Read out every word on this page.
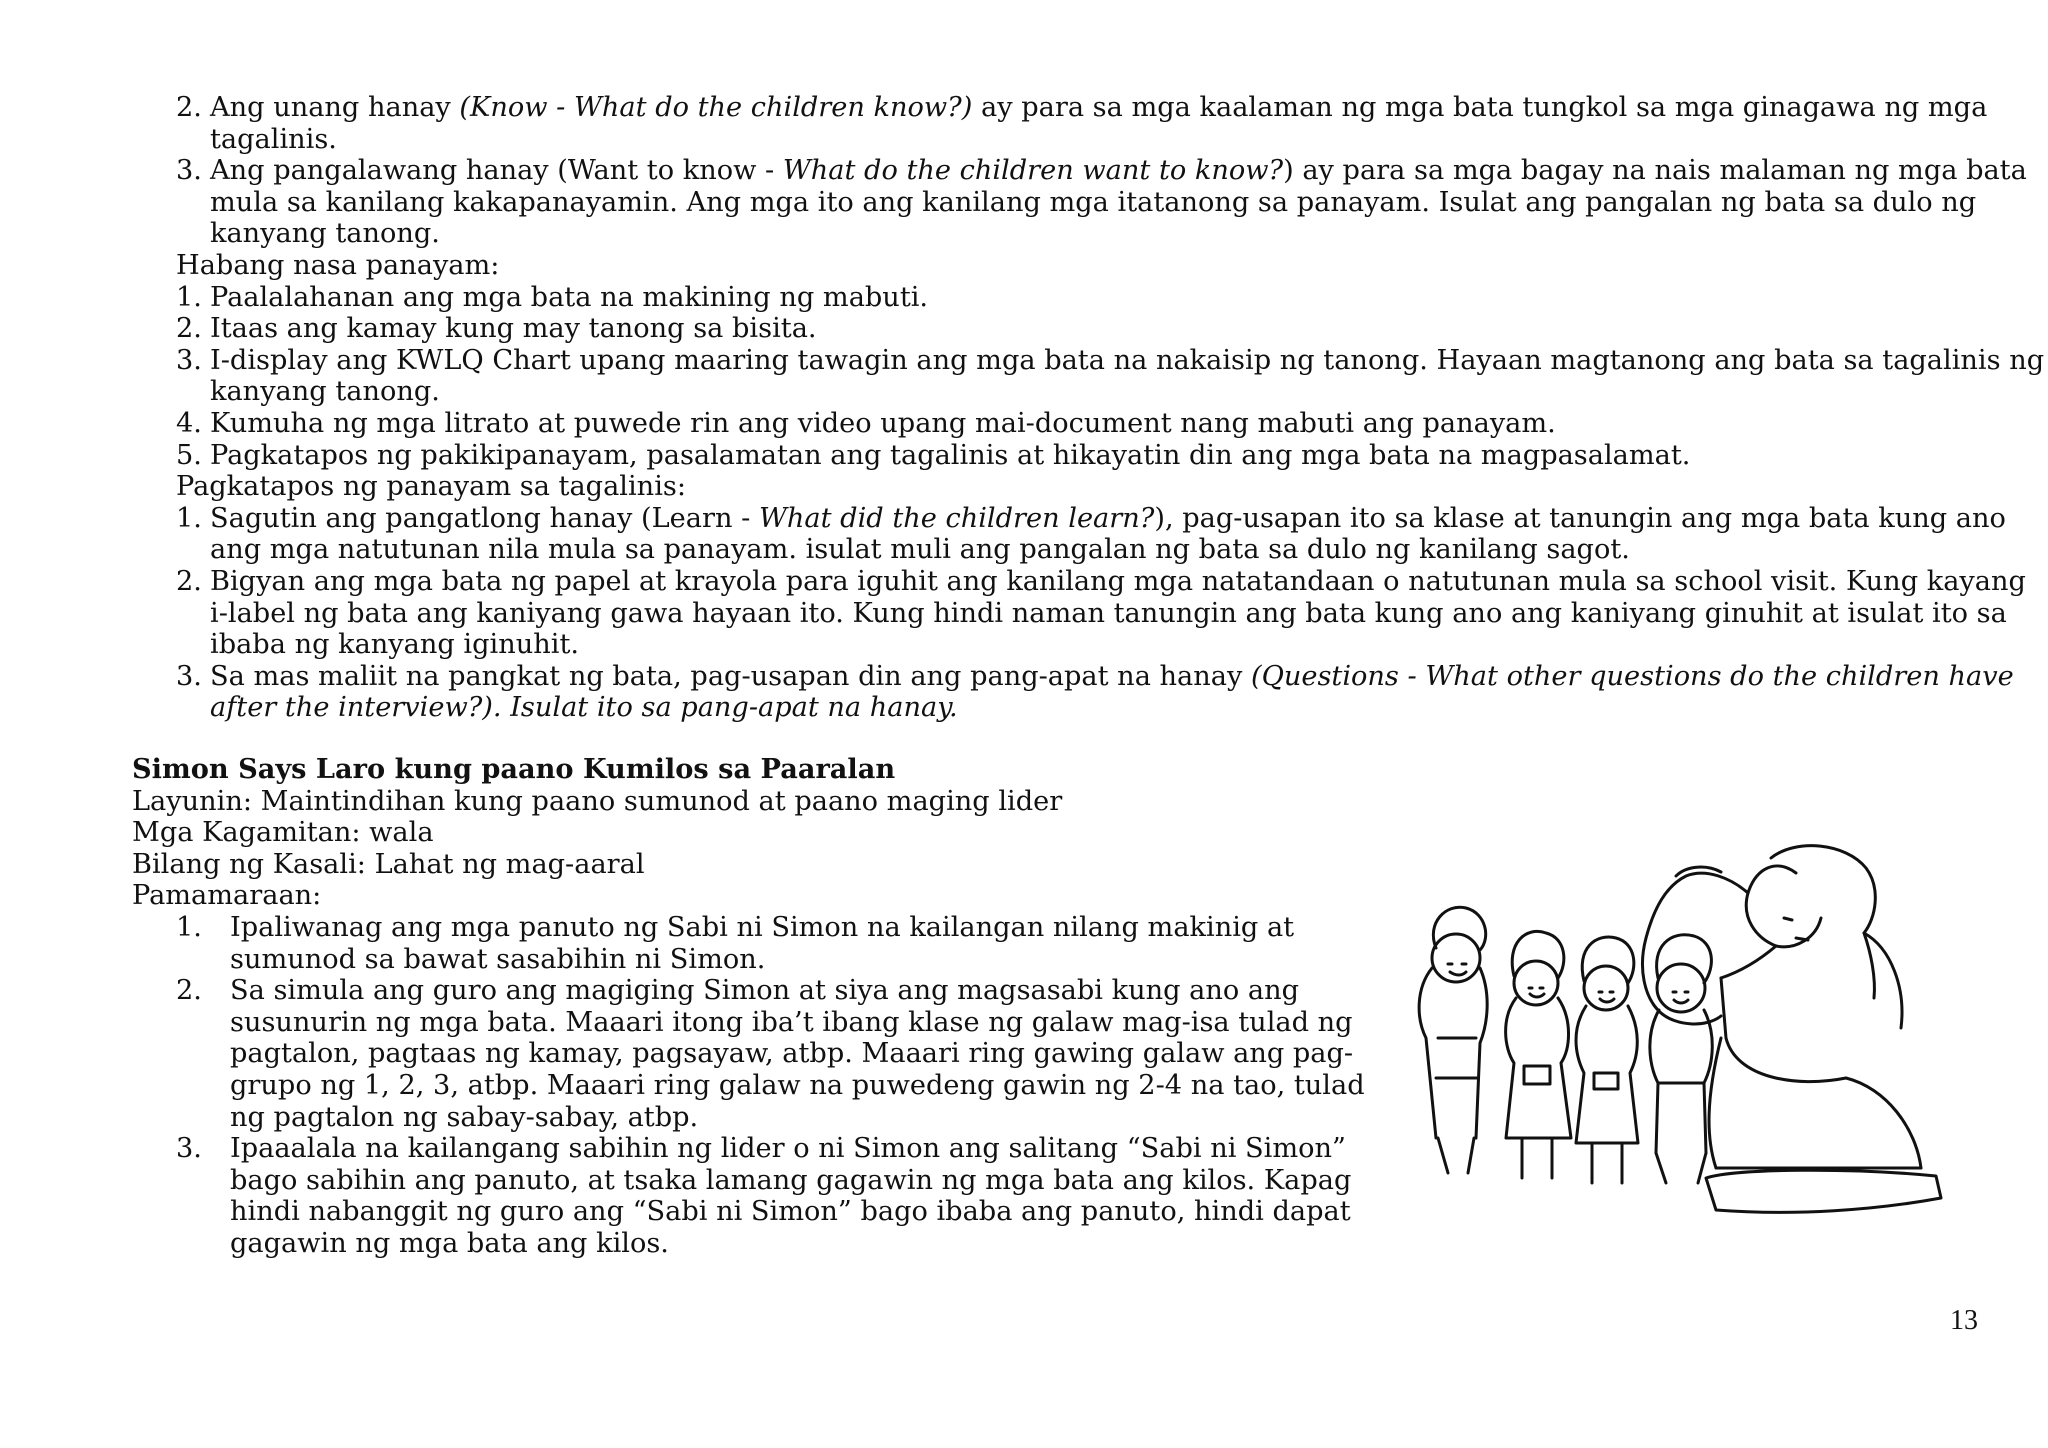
2. Ang unang hanay (Know - What do the children know?) ay para sa mga kaalaman ng mga bata tungkol sa mga ginagawa ng mga
tagalinis.
3. Ang pangalawang hanay (Want to know - What do the children want to know?) ay para sa mga bagay na nais malaman ng mga bata
mula sa kanilang kakapanayamin. Ang mga ito ang kanilang mga itatanong sa panayam. Isulat ang pangalan ng bata sa dulo ng
kanyang tanong.
Habang nasa panayam:
1. Paalalahanan ang mga bata na makining ng mabuti.
2. Itaas ang kamay kung may tanong sa bisita.
3. I-display ang KWLQ Chart upang maaring tawagin ang mga bata na nakaisip ng tanong. Hayaan magtanong ang bata sa tagalinis ng
kanyang tanong.
4. Kumuha ng mga litrato at puwede rin ang video upang mai-document nang mabuti ang panayam.
5. Pagkatapos ng pakikipanayam, pasalamatan ang tagalinis at hikayatin din ang mga bata na magpasalamat.
Pagkatapos ng panayam sa tagalinis:
1. Sagutin ang pangatlong hanay (Learn - What did the children learn?), pag-usapan ito sa klase at tanungin ang mga bata kung ano
ang mga natutunan nila mula sa panayam. isulat muli ang pangalan ng bata sa dulo ng kanilang sagot.
2. Bigyan ang mga bata ng papel at krayola para iguhit ang kanilang mga natatandaan o natutunan mula sa school visit. Kung kayang
i-label ng bata ang kaniyang gawa hayaan ito. Kung hindi naman tanungin ang bata kung ano ang kaniyang ginuhit at isulat ito sa
ibaba ng kanyang iginuhit.
3. Sa mas maliit na pangkat ng bata, pag-usapan din ang pang-apat na hanay (Questions - What other questions do the children have
after the interview?). Isulat ito sa pang-apat na hanay.
Simon Says Laro kung paano Kumilos sa Paaralan
Layunin: Maintindihan kung paano sumunod at paano maging lider
Mga Kagamitan: wala
Bilang ng Kasali: Lahat ng mag-aaral
Pamamaraan:
1. Ipaliwanag ang mga panuto ng Sabi ni Simon na kailangan nilang makinig at
sumunod sa bawat sasabihin ni Simon.
2. Sa simula ang guro ang magiging Simon at siya ang magsasabi kung ano ang
susunurin ng mga bata. Maaari itong iba’t ibang klase ng galaw mag-isa tulad ng
pagtalon, pagtaas ng kamay, pagsayaw, atbp. Maaari ring gawing galaw ang pag-
grupo ng 1, 2, 3, atbp. Maaari ring galaw na puwedeng gawin ng 2-4 na tao, tulad
ng pagtalon ng sabay-sabay, atbp.
3. Ipaaalala na kailangang sabihin ng lider o ni Simon ang salitang “Sabi ni Simon”
bago sabihin ang panuto, at tsaka lamang gagawin ng mga bata ang kilos. Kapag
hindi nabanggit ng guro ang “Sabi ni Simon” bago ibaba ang panuto, hindi dapat
gagawin ng mga bata ang kilos.
13
